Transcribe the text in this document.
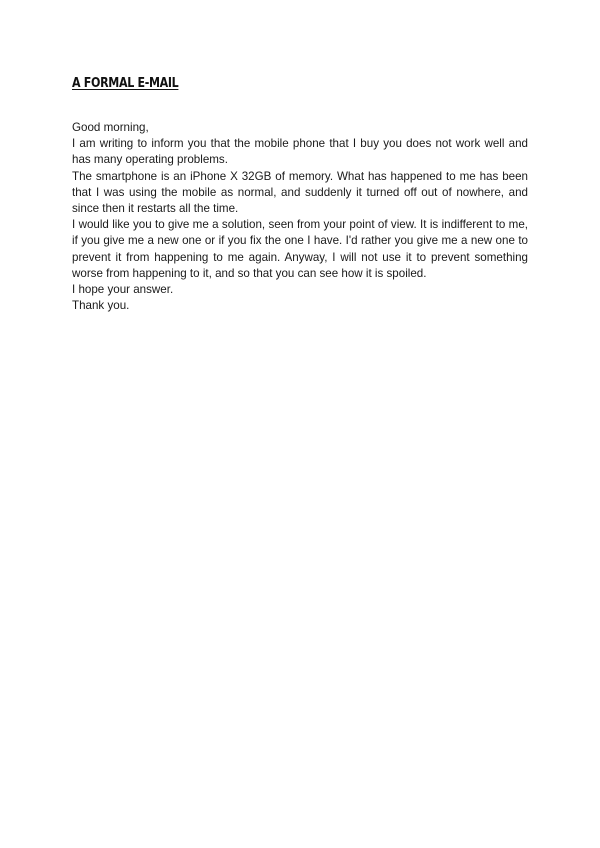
A FORMAL E-MAIL

Good morning,

I am writing to inform you that the mobile phone that I buy you does not work well and has many operating problems.

The smartphone is an iPhone X 32GB of memory. What has happened to me has been that I was using the mobile as normal, and suddenly it turned off out of nowhere, and since then it restarts all the time.

I would like you to give me a solution, seen from your point of view. It is indifferent to me, if you give me a new one or if you fix the one I have. I'd rather you give me a new one to prevent it from happening to me again. Anyway, I will not use it to prevent something worse from happening to it, and so that you can see how it is spoiled.

I hope your answer.

Thank you.
